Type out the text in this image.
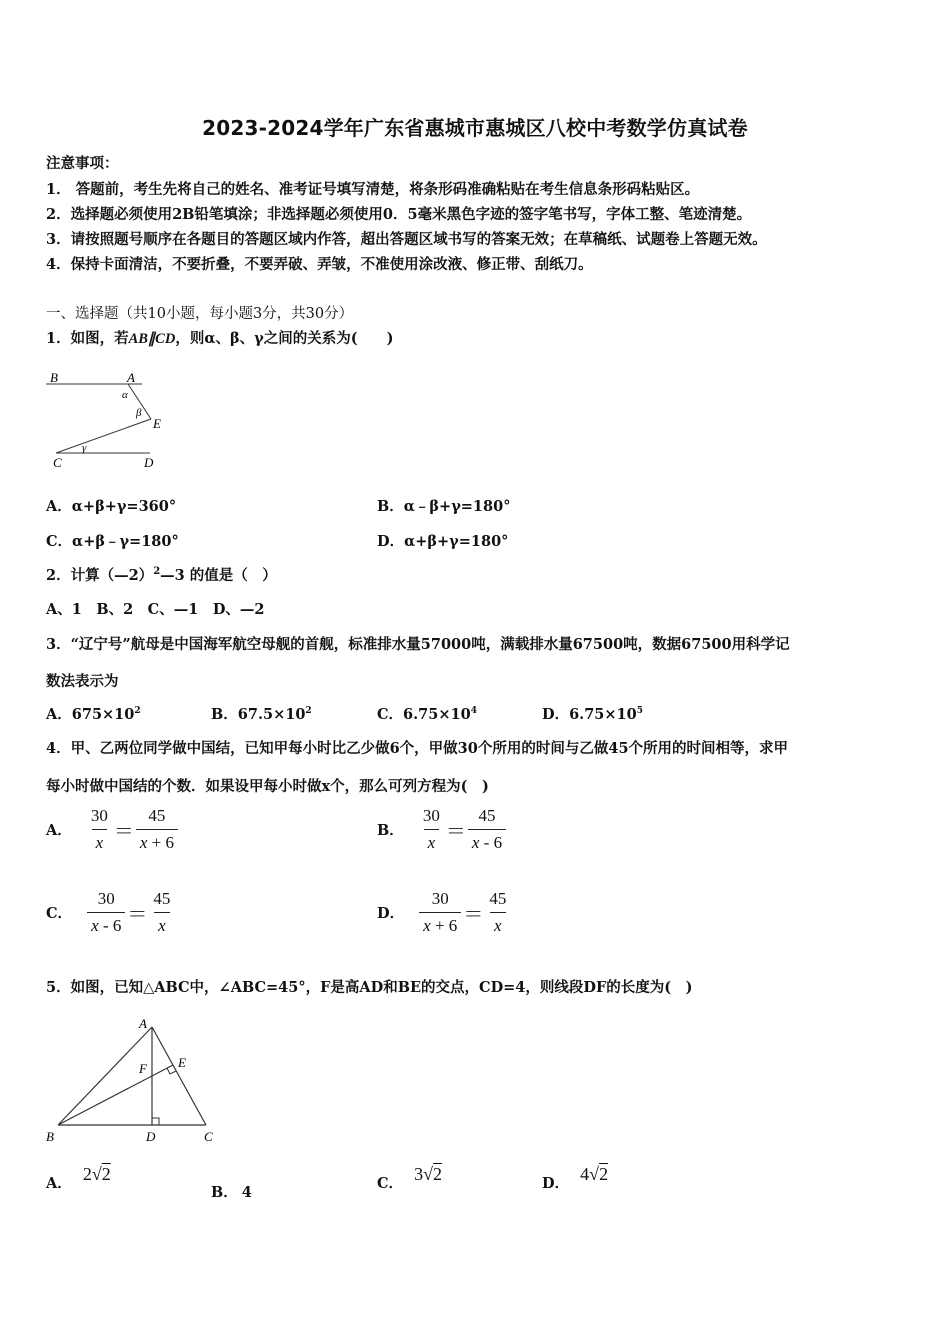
2023-2024学年广东省惠城市惠城区八校中考数学仿真试卷
注意事项：
1． 答题前，考生先将自己的姓名、准考证号填写清楚，将条形码准确粘贴在考生信息条形码粘贴区。
2．选择题必须使用2B铅笔填涂；非选择题必须使用0．5毫米黑色字迹的签字笔书写，字体工整、笔迹清楚。
3．请按照题号顺序在各题目的答题区域内作答，超出答题区域书写的答案无效；在草稿纸、试题卷上答题无效。
4．保持卡面清洁，不要折叠，不要弄破、弄皱，不准使用涂改液、修正带、刮纸刀。
一、选择题（共10小题，每小题3分，共30分）
1．如图，若AB∥CD，则α、β、γ之间的关系为(　　)
B	A
α
β
E
γ
C	D
A．α+β+γ=360°	B．α﹣β+γ=180°
C．α+β﹣γ=180°	D．α+β+γ=180°
2．计算（—2）$^2$—3 的值是（　）
A、1　B、2　C、—1　D、—2
3．“辽宁号”航母是中国海军航空母舰的首舰，标准排水量57000吨，满载排水量67500吨，数据67500用科学记
数法表示为
A．$675\times 10^2$	B．$67.5\times 10^2$	C．$6.75\times 10^4$	D．$6.75\times 10^5$
4．甲、乙两位同学做中国结，已知甲每小时比乙少做6个，甲做30个所用的时间与乙做45个所用的时间相等，求甲
每小时做中国结的个数．如果设甲每小时做x个，那么可列方程为(　)
A． $\frac{30}{x} = \frac{45}{x + 6}$	B． $\frac{30}{x} = \frac{45}{x - 6}$
C． $\frac{30}{x - 6} = \frac{45}{x}$	D． $\frac{30}{x + 6} = \frac{45}{x}$
5．如图，已知△ABC中，∠ABC=45°，F是高AD和BE的交点，CD=4，则线段DF的长度为(　)
A
F E
B	D	C
A． 2√2
B． 4
C． 3√2	D． 4√2
